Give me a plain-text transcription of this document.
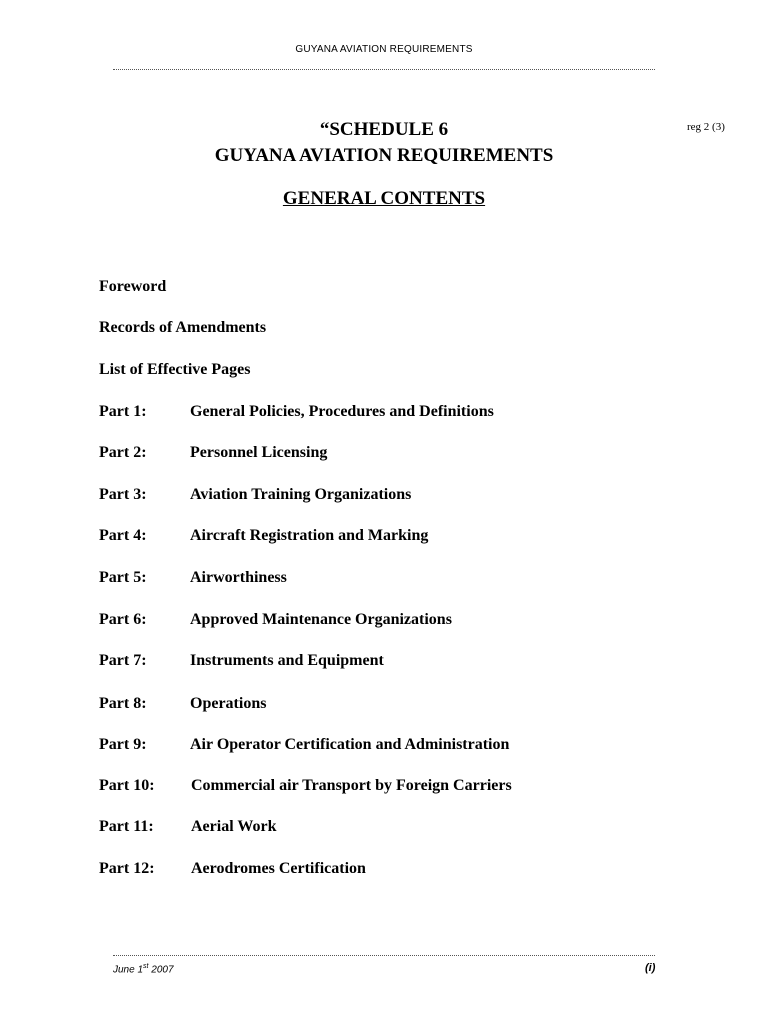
GUYANA AVIATION REQUIREMENTS
“SCHEDULE 6
GUYANA AVIATION REQUIREMENTS
reg 2 (3)
GENERAL CONTENTS
Foreword
Records of Amendments
List of Effective Pages
Part 1:	General Policies, Procedures and Definitions
Part 2:	Personnel Licensing
Part 3:	Aviation Training Organizations
Part 4:	Aircraft Registration and Marking
Part 5:	Airworthiness
Part 6:	Approved Maintenance Organizations
Part 7:	Instruments and Equipment
Part 8:	Operations
Part 9:	Air Operator Certification and Administration
Part 10: Commercial air Transport by Foreign Carriers
Part 11: Aerial Work
Part 12: Aerodromes Certification
June 1st 2007	(i)
